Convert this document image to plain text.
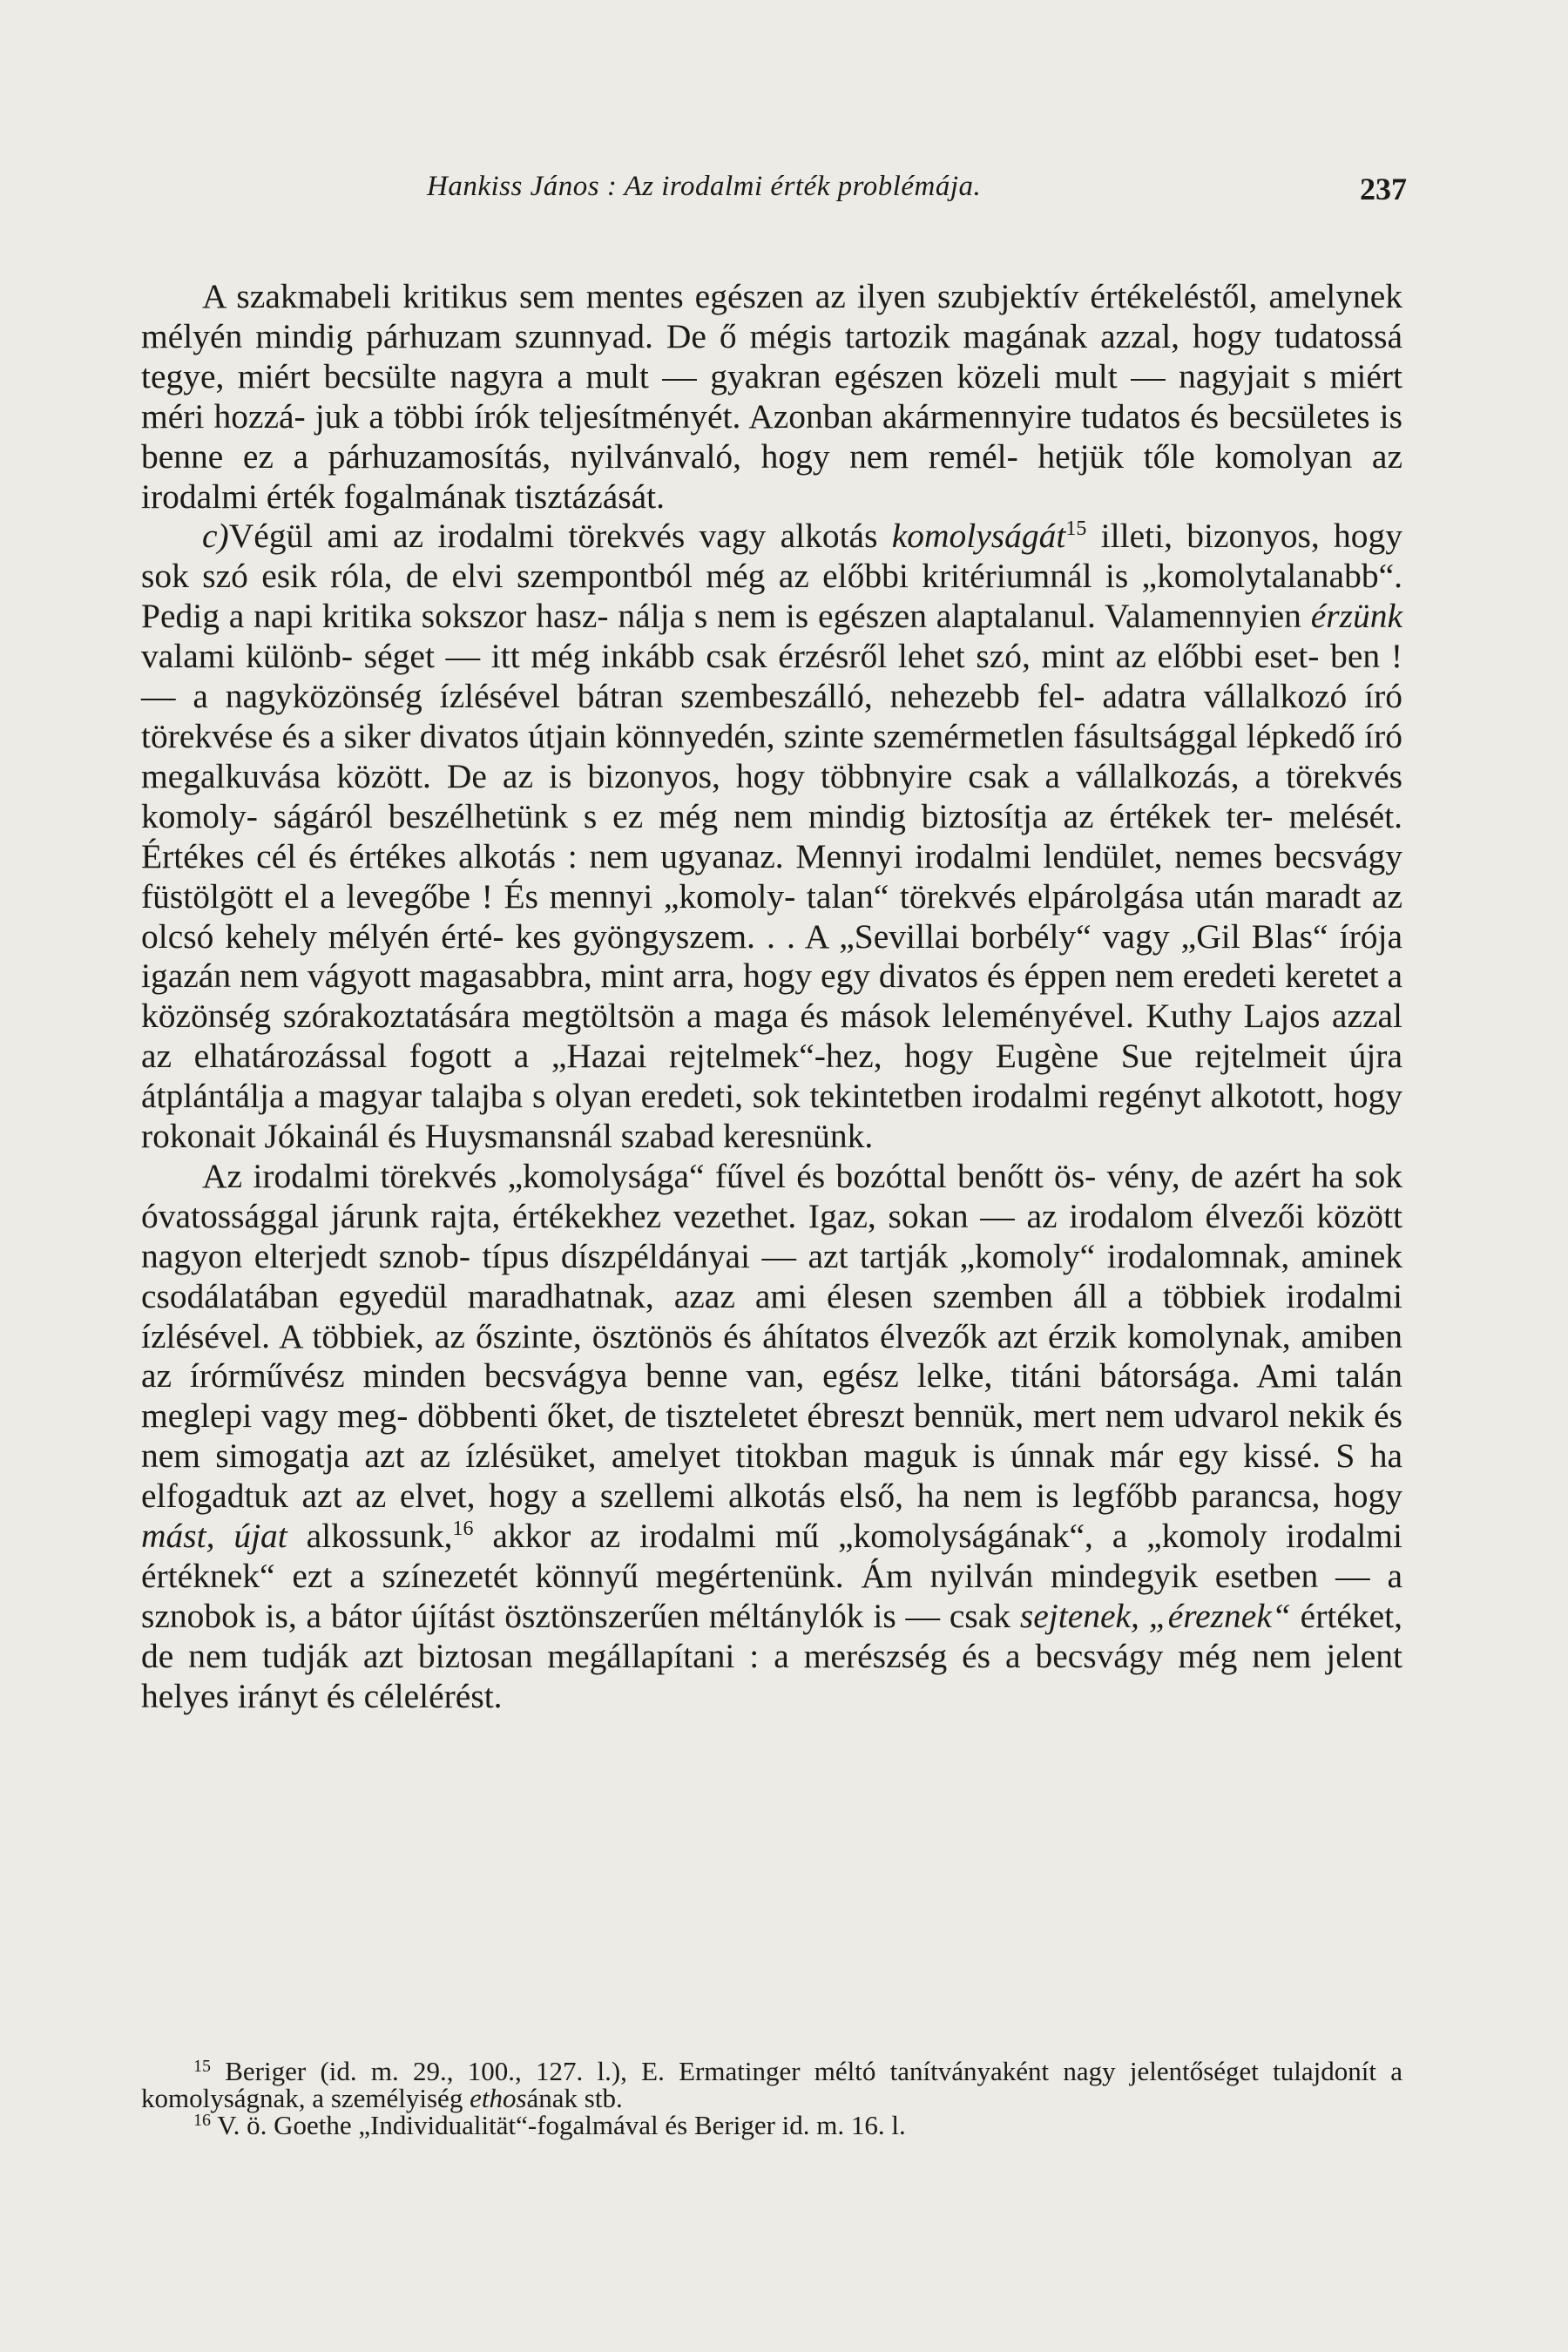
Hankiss János : Az irodalmi érték problémája.	237

A szakmabeli kritikus sem mentes egészen az ilyen szubjektív értékeléstől, amelynek mélyén mindig párhuzam szunnyad. De ő mégis tartozik magának azzal, hogy tudatossá tegye, miért becsülte nagyra a mult — gyakran egészen közeli mult — nagyjait s miért méri hozzá- juk a többi írók teljesítményét. Azonban akármennyire tudatos és becsületes is benne ez a párhuzamosítás, nyilvánvaló, hogy nem remél- hetjük tőle komolyan az irodalmi érték fogalmának tisztázását.

c)Végül ami az irodalmi törekvés vagy alkotás komolyságát$^{15}$ illeti, bizonyos, hogy sok szó esik róla, de elvi szempontból még az előbbi kritériumnál is „komolytalanabb“. Pedig a napi kritika sokszor hasz- nálja s nem is egészen alaptalanul. Valamennyien érzünk valami különb- séget — itt még inkább csak érzésről lehet szó, mint az előbbi eset- ben ! — a nagyközönség ízlésével bátran szembeszálló, nehezebb fel- adatra vállalkozó író törekvése és a siker divatos útjain könnyedén, szinte szemérmetlen fásultsággal lépkedő író megalkuvása között. De az is bizonyos, hogy többnyire csak a vállalkozás, a törekvés komoly- ságáról beszélhetünk s ez még nem mindig biztosítja az értékek ter- melését. Értékes cél és értékes alkotás : nem ugyanaz. Mennyi irodalmi lendület, nemes becsvágy füstölgött el a levegőbe ! És mennyi „komoly- talan“ törekvés elpárolgása után maradt az olcsó kehely mélyén érté- kes gyöngyszem. . . A „Sevillai borbély“ vagy „Gil Blas“ írója igazán nem vágyott magasabbra, mint arra, hogy egy divatos és éppen nem eredeti keretet a közönség szórakoztatására megtöltsön a maga és mások leleményével. Kuthy Lajos azzal az elhatározással fogott a „Hazai rejtelmek“-hez, hogy Eugène Sue rejtelmeit újra átplántálja a magyar talajba s olyan eredeti, sok tekintetben irodalmi regényt alkotott, hogy rokonait Jókainál és Huysmansnál szabad keresnünk.

Az irodalmi törekvés „komolysága“ fűvel és bozóttal benőtt ös- vény, de azért ha sok óvatossággal járunk rajta, értékekhez vezethet. Igaz, sokan — az irodalom élvezői között nagyon elterjedt sznob- típus díszpéldányai — azt tartják „komoly“ irodalomnak, aminek csodálatában egyedül maradhatnak, azaz ami élesen szemben áll a többiek irodalmi ízlésével. A többiek, az őszinte, ösztönös és áhítatos élvezők azt érzik komolynak, amiben az írórművész minden becsvágya benne van, egész lelke, titáni bátorsága. Ami talán meglepi vagy meg- döbbenti őket, de tiszteletet ébreszt bennük, mert nem udvarol nekik és nem simogatja azt az ízlésüket, amelyet titokban maguk is únnak már egy kissé. S ha elfogadtuk azt az elvet, hogy a szellemi alkotás első, ha nem is legfőbb parancsa, hogy mást, újat alkossunk,$^{16}$ akkor az irodalmi mű „komolyságának“, a „komoly irodalmi értéknek“ ezt a színezetét könnyű megértenünk. Ám nyilván mindegyik esetben — a sznobok is, a bátor újítást ösztönszerűen méltánylók is — csak sejtenek, „éreznek“ értéket, de nem tudják azt biztosan megállapítani : a merészség és a becsvágy még nem jelent helyes irányt és célelérést.

$^{15}$ Beriger (id. m. 29., 100., 127. l.), E. Ermatinger méltó tanítványaként nagy jelentőséget tulajdonít a komolyságnak, a személyiség ethosának stb.

$^{16}$ V. ö. Goethe „Individualität“-fogalmával és Beriger id. m. 16. l.
